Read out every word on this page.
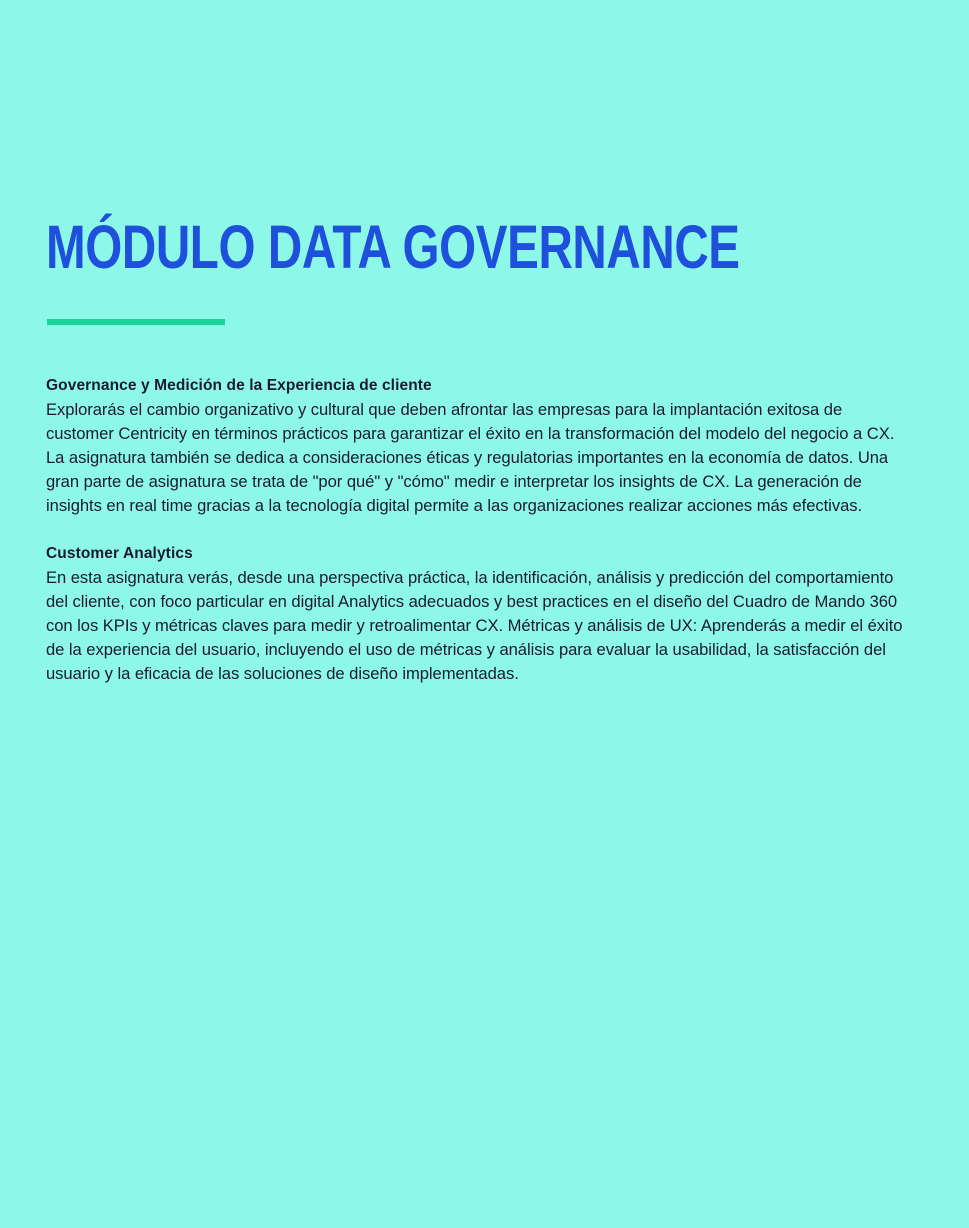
MÓDULO DATA GOVERNANCE

Governance y Medición de la Experiencia de cliente

Explorarás el cambio organizativo y cultural que deben afrontar las empresas para la implantación exitosa de customer Centricity en términos prácticos para garantizar el éxito en la transformación del modelo del negocio a CX. La asignatura también se dedica a consideraciones éticas y regulatorias importantes en la economía de datos. Una gran parte de asignatura se trata de "por qué" y "cómo" medir e interpretar los insights de CX. La generación de insights en real time gracias a la tecnología digital permite a las organizaciones realizar acciones más efectivas.

Customer Analytics

En esta asignatura verás, desde una perspectiva práctica, la identificación, análisis y predicción del comportamiento del cliente, con foco particular en digital Analytics adecuados y best practices en el diseño del Cuadro de Mando 360 con los KPIs y métricas claves para medir y retroalimentar CX. Métricas y análisis de UX: Aprenderás a medir el éxito de la experiencia del usuario, incluyendo el uso de métricas y análisis para evaluar la usabilidad, la satisfacción del usuario y la eficacia de las soluciones de diseño implementadas.
